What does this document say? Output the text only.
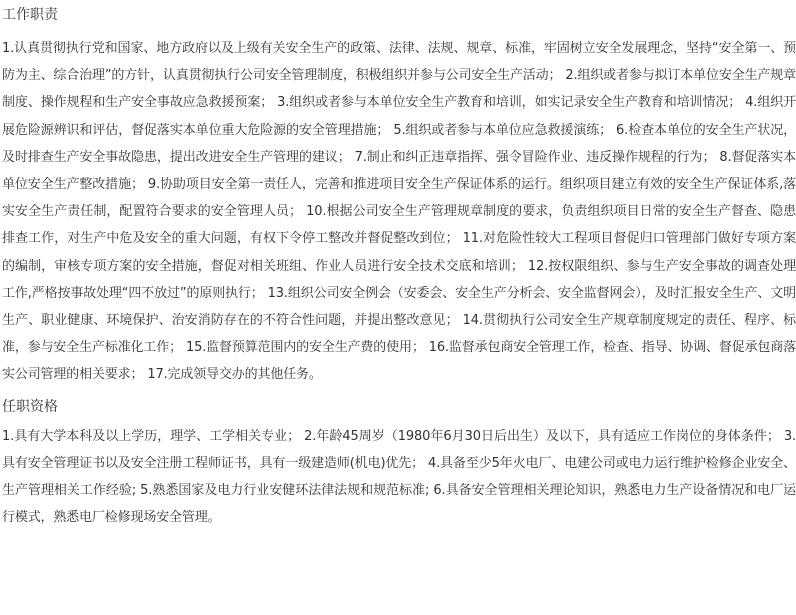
工作职责
1.认真贯彻执行党和国家、地方政府以及上级有关安全生产的政策、法律、法规、规章、标准，牢固树立安全发展理念，坚持“安全第一、预防为主、综合治理”的方针，认真贯彻执行公司安全管理制度，积极组织并参与公司安全生产活动； 2.组织或者参与拟订本单位安全生产规章制度、操作规程和生产安全事故应急救援预案； 3.组织或者参与本单位安全生产教育和培训，如实记录安全生产教育和培训情况； 4.组织开展危险源辨识和评估，督促落实本单位重大危险源的安全管理措施； 5.组织或者参与本单位应急救援演练； 6.检查本单位的安全生产状况，及时排查生产安全事故隐患，提出改进安全生产管理的建议； 7.制止和纠正违章指挥、强令冒险作业、违反操作规程的行为； 8.督促落实本单位安全生产整改措施； 9.协助项目安全第一责任人，完善和推进项目安全生产保证体系的运行。组织项目建立有效的安全生产保证体系,落实安全生产责任制，配置符合要求的安全管理人员； 10.根据公司安全生产管理规章制度的要求，负责组织项目日常的安全生产督查、隐患排查工作，对生产中危及安全的重大问题，有权下令停工整改并督促整改到位； 11.对危险性较大工程项目督促归口管理部门做好专项方案的编制，审核专项方案的安全措施，督促对相关班组、作业人员进行安全技术交底和培训； 12.按权限组织、参与生产安全事故的调查处理工作,严格按事故处理“四不放过”的原则执行； 13.组织公司安全例会（安委会、安全生产分析会、安全监督网会），及时汇报安全生产、文明生产、职业健康、环境保护、治安消防存在的不符合性问题，并提出整改意见； 14.贯彻执行公司安全生产规章制度规定的责任、程序、标准，参与安全生产标准化工作； 15.监督预算范围内的安全生产费的使用； 16.监督承包商安全管理工作，检查、指导、协调、督促承包商落实公司管理的相关要求； 17.完成领导交办的其他任务。
任职资格
1.具有大学本科及以上学历，理学、工学相关专业； 2.年龄45周岁（1980年6月30日后出生）及以下，具有适应工作岗位的身体条件； 3.具有安全管理证书以及安全注册工程师证书，具有一级建造师(机电)优先； 4.具备至少5年火电厂、电建公司或电力运行维护检修企业安全、生产管理相关工作经验; 5.熟悉国家及电力行业安健环法律法规和规范标准; 6.具备安全管理相关理论知识，熟悉电力生产设备情况和电厂运行模式，熟悉电厂检修现场安全管理。
